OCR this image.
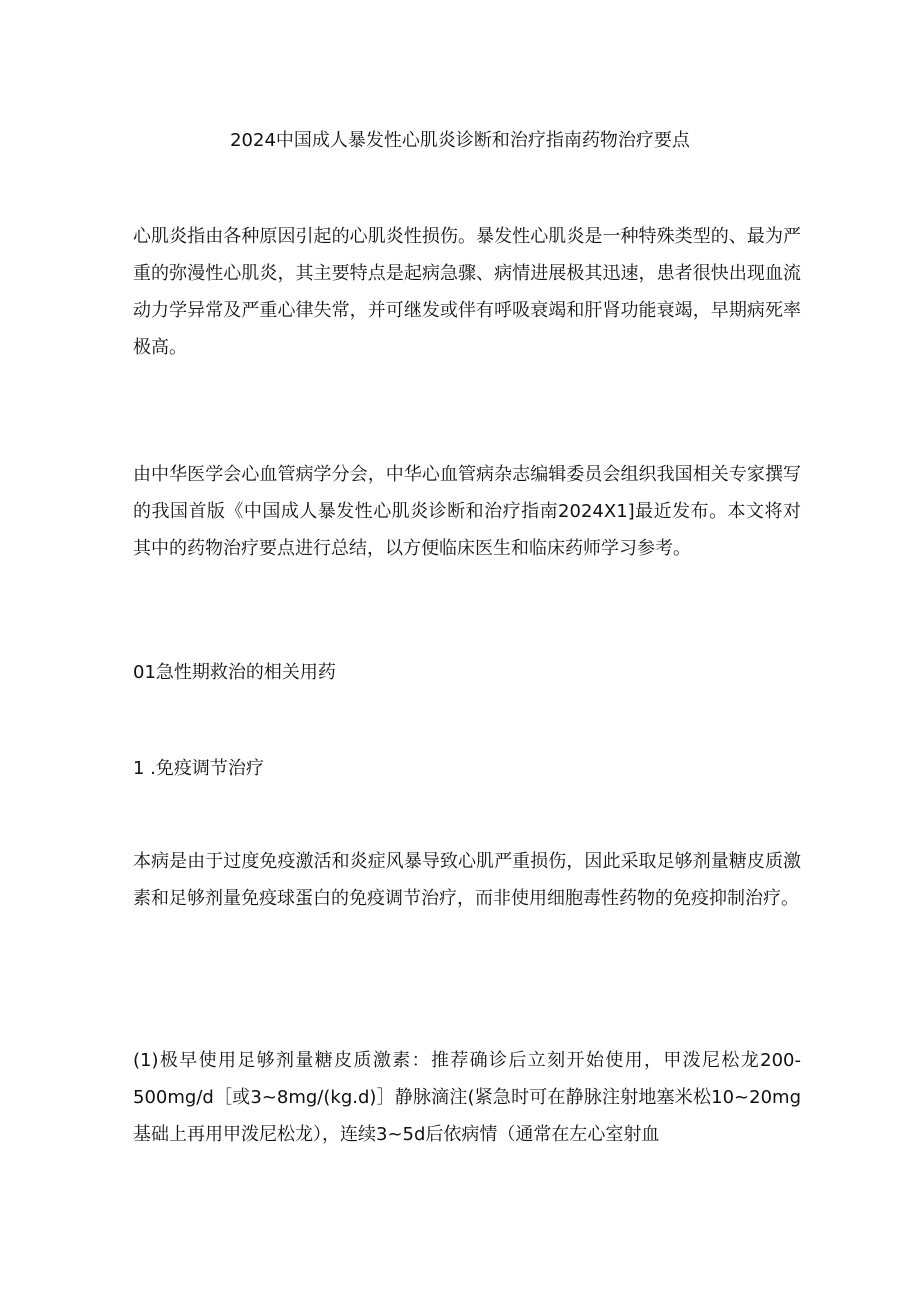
2024中国成人暴发性心肌炎诊断和治疗指南药物治疗要点

心肌炎指由各种原因引起的心肌炎性损伤。暴发性心肌炎是一种特殊类型的、最为严重的弥漫性心肌炎，其主要特点是起病急骤、病情进展极其迅速，患者很快出现血流动力学异常及严重心律失常，并可继发或伴有呼吸衰竭和肝肾功能衰竭，早期病死率极高。

由中华医学会心血管病学分会，中华心血管病杂志编辑委员会组织我国相关专家撰写的我国首版《中国成人暴发性心肌炎诊断和治疗指南2024X1]最近发布。本文将对其中的药物治疗要点进行总结，以方便临床医生和临床药师学习参考。

01急性期救治的相关用药

1 .免疫调节治疗

本病是由于过度免疫激活和炎症风暴导致心肌严重损伤，因此采取足够剂量糖皮质激素和足够剂量免疫球蛋白的免疫调节治疗，而非使用细胞毒性药物的免疫抑制治疗。

(1)极早使用足够剂量糖皮质激素：推荐确诊后立刻开始使用，甲泼尼松龙200-500mg∕d［或3~8mg∕(kg.d)］静脉滴注(紧急时可在静脉注射地塞米松10~20mg基础上再用甲泼尼松龙），连续3~5d后依病情（通常在左心室射血
